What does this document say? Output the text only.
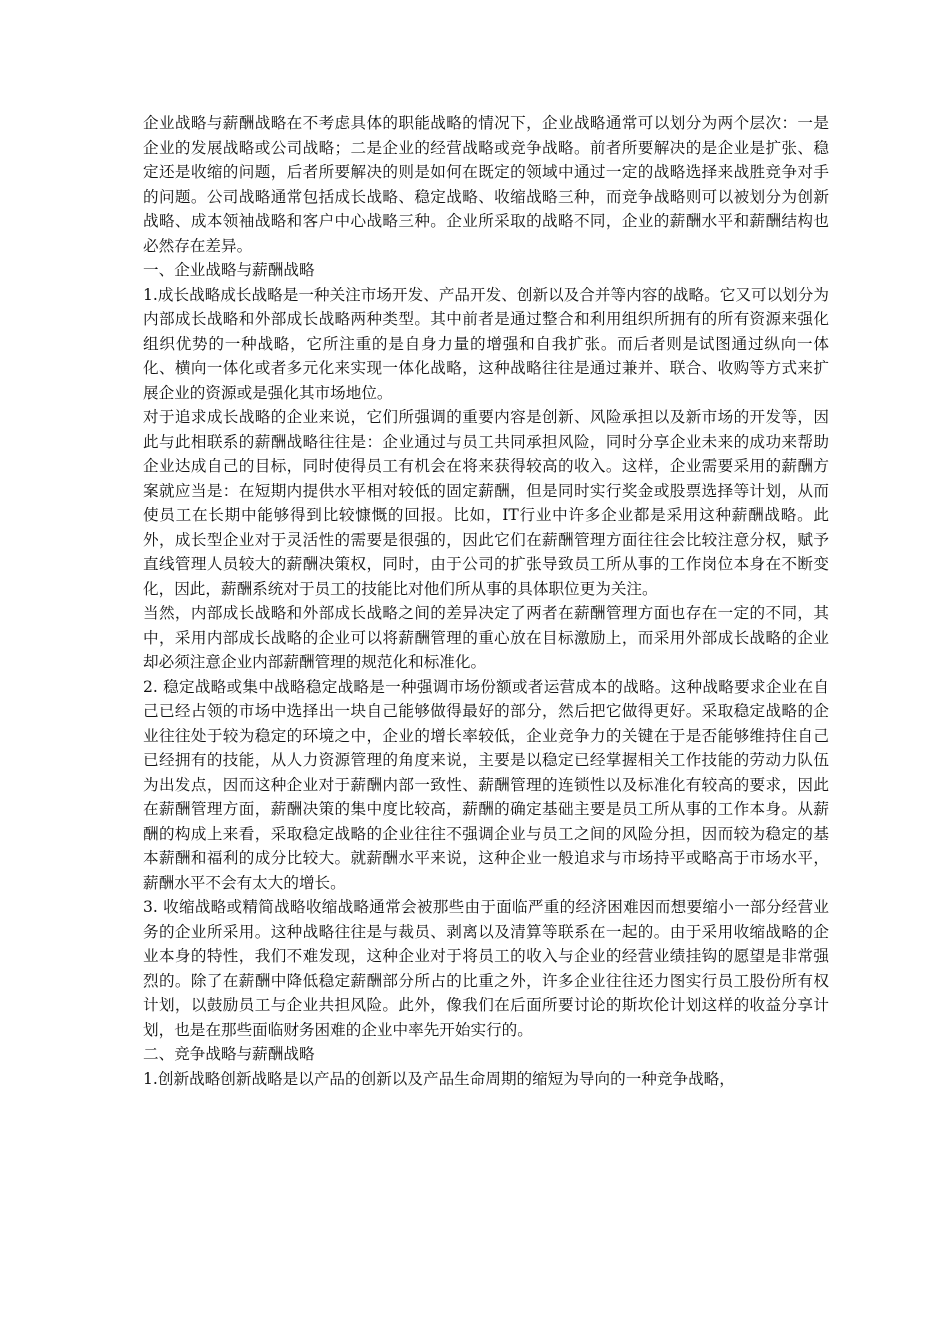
企业战略与薪酬战略在不考虑具体的职能战略的情况下，企业战略通常可以划分为两个层次：一是企业的发展战略或公司战略；二是企业的经营战略或竞争战略。前者所要解决的是企业是扩张、稳定还是收缩的问题，后者所要解决的则是如何在既定的领域中通过一定的战略选择来战胜竞争对手的问题。公司战略通常包括成长战略、稳定战略、收缩战略三种，而竞争战略则可以被划分为创新战略、成本领袖战略和客户中心战略三种。企业所采取的战略不同，企业的薪酬水平和薪酬结构也必然存在差异。

一、企业战略与薪酬战略

1.成长战略成长战略是一种关注市场开发、产品开发、创新以及合并等内容的战略。它又可以划分为内部成长战略和外部成长战略两种类型。其中前者是通过整合和利用组织所拥有的所有资源来强化组织优势的一种战略，它所注重的是自身力量的增强和自我扩张。而后者则是试图通过纵向一体化、横向一体化或者多元化来实现一体化战略，这种战略往往是通过兼并、联合、收购等方式来扩展企业的资源或是强化其市场地位。

对于追求成长战略的企业来说，它们所强调的重要内容是创新、风险承担以及新市场的开发等，因此与此相联系的薪酬战略往往是：企业通过与员工共同承担风险，同时分享企业未来的成功来帮助企业达成自己的目标，同时使得员工有机会在将来获得较高的收入。这样，企业需要采用的薪酬方案就应当是：在短期内提供水平相对较低的固定薪酬，但是同时实行奖金或股票选择等计划，从而使员工在长期中能够得到比较慷慨的回报。比如，IT行业中许多企业都是采用这种薪酬战略。此外，成长型企业对于灵活性的需要是很强的，因此它们在薪酬管理方面往往会比较注意分权，赋予直线管理人员较大的薪酬决策权，同时，由于公司的扩张导致员工所从事的工作岗位本身在不断变化，因此，薪酬系统对于员工的技能比对他们所从事的具体职位更为关注。

当然，内部成长战略和外部成长战略之间的差异决定了两者在薪酬管理方面也存在一定的不同，其中，采用内部成长战略的企业可以将薪酬管理的重心放在目标激励上，而采用外部成长战略的企业却必须注意企业内部薪酬管理的规范化和标准化。

2. 稳定战略或集中战略稳定战略是一种强调市场份额或者运营成本的战略。这种战略要求企业在自己已经占领的市场中选择出一块自己能够做得最好的部分，然后把它做得更好。采取稳定战略的企业往往处于较为稳定的环境之中，企业的增长率较低，企业竞争力的关键在于是否能够维持住自己已经拥有的技能，从人力资源管理的角度来说，主要是以稳定已经掌握相关工作技能的劳动力队伍为出发点，因而这种企业对于薪酬内部一致性、薪酬管理的连锁性以及标准化有较高的要求，因此在薪酬管理方面，薪酬决策的集中度比较高，薪酬的确定基础主要是员工所从事的工作本身。从薪酬的构成上来看，采取稳定战略的企业往往不强调企业与员工之间的风险分担，因而较为稳定的基本薪酬和福利的成分比较大。就薪酬水平来说，这种企业一般追求与市场持平或略高于市场水平，薪酬水平不会有太大的增长。

3. 收缩战略或精简战略收缩战略通常会被那些由于面临严重的经济困难因而想要缩小一部分经营业务的企业所采用。这种战略往往是与裁员、剥离以及清算等联系在一起的。由于采用收缩战略的企业本身的特性，我们不难发现，这种企业对于将员工的收入与企业的经营业绩挂钩的愿望是非常强烈的。除了在薪酬中降低稳定薪酬部分所占的比重之外，许多企业往往还力图实行员工股份所有权计划，以鼓励员工与企业共担风险。此外，像我们在后面所要讨论的斯坎伦计划这样的收益分享计划，也是在那些面临财务困难的企业中率先开始实行的。

二、竞争战略与薪酬战略

1.创新战略创新战略是以产品的创新以及产品生命周期的缩短为导向的一种竞争战略，
